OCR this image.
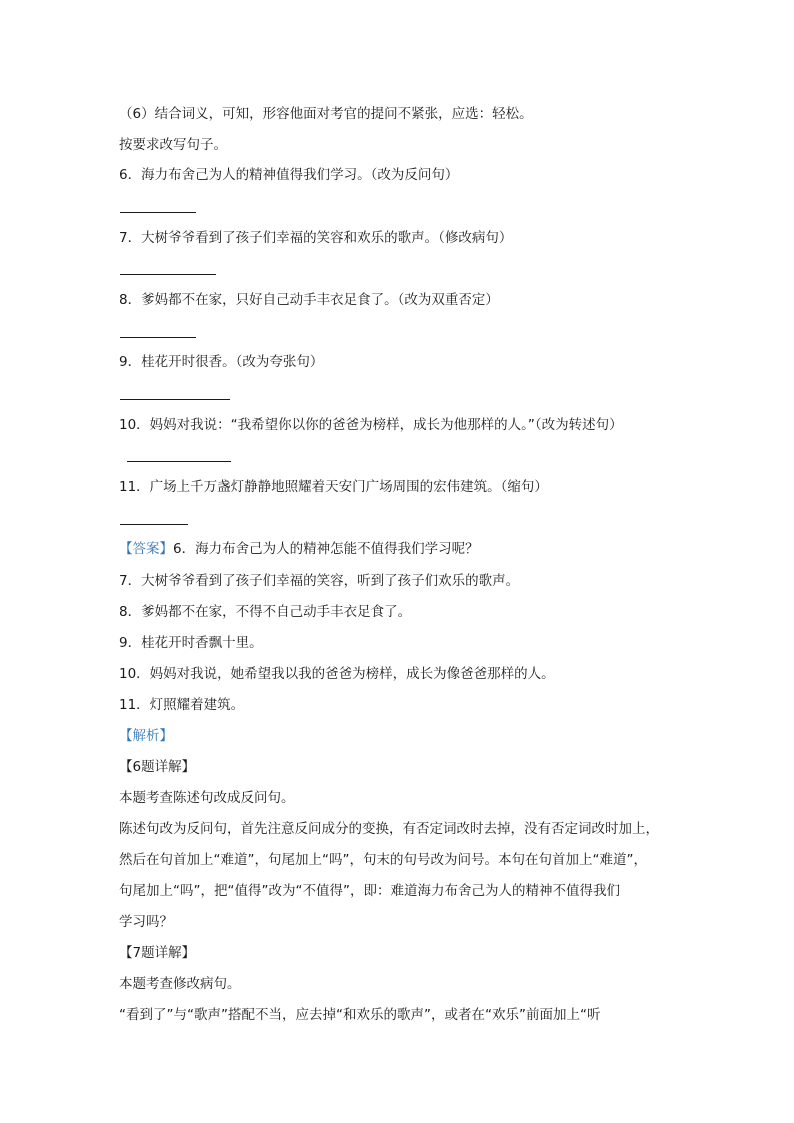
（6）结合词义，可知，形容他面对考官的提问不紧张，应选：轻松。
按要求改写句子。
6．海力布舍己为人的精神值得我们学习。（改为反问句）
7．大树爷爷看到了孩子们幸福的笑容和欢乐的歌声。（修改病句）
8．爹妈都不在家，只好自己动手丰衣足食了。（改为双重否定）
9．桂花开时很香。（改为夸张句）
10．妈妈对我说：“我希望你以你的爸爸为榜样，成长为他那样的人。”（改为转述句）
11．广场上千万盏灯静静地照耀着天安门广场周围的宏伟建筑。（缩句）
【答案】6．海力布舍己为人的精神怎能不值得我们学习呢？
7．大树爷爷看到了孩子们幸福的笑容，听到了孩子们欢乐的歌声。
8．爹妈都不在家，不得不自己动手丰衣足食了。
9．桂花开时香飘十里。
10．妈妈对我说，她希望我以我的爸爸为榜样，成长为像爸爸那样的人。
11．灯照耀着建筑。
【解析】
【6题详解】
本题考查陈述句改成反问句。
陈述句改为反问句，首先注意反问成分的变换，有否定词改时去掉，没有否定词改时加上，
然后在句首加上“难道”，句尾加上“吗”，句末的句号改为问号。本句在句首加上“难道”，
句尾加上“吗”，把“值得”改为“不值得”，即：难道海力布舍己为人的精神不值得我们
学习吗？
【7题详解】
本题考查修改病句。
“看到了”与“歌声”搭配不当，应去掉“和欢乐的歌声”，或者在“欢乐”前面加上“听
